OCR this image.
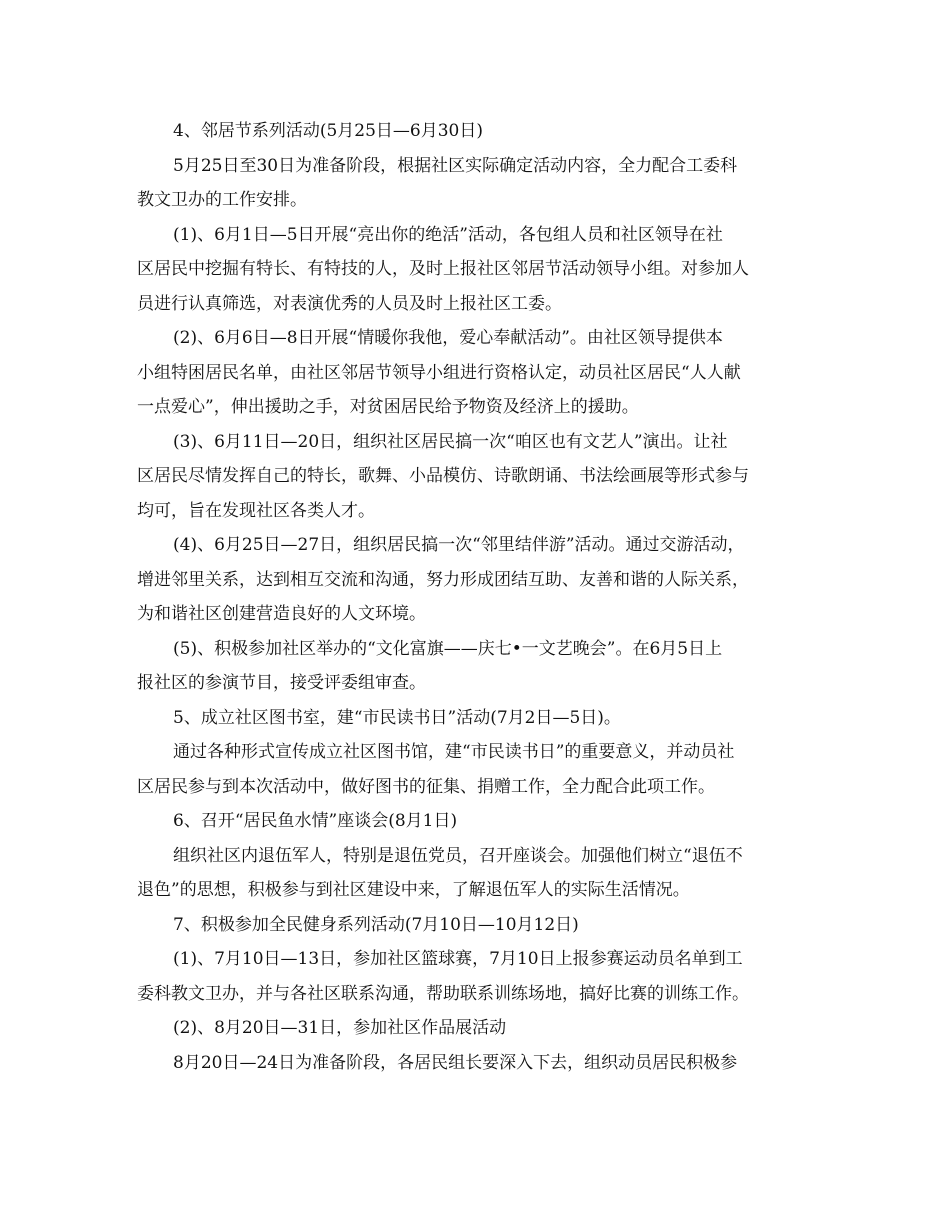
4、邻居节系列活动(5月25日—6月30日)
5月25日至30日为准备阶段，根据社区实际确定活动内容，全力配合工委科
教文卫办的工作安排。
(1)、6月1日—5日开展“亮出你的绝活”活动，各包组人员和社区领导在社
区居民中挖掘有特长、有特技的人，及时上报社区邻居节活动领导小组。对参加人
员进行认真筛选，对表演优秀的人员及时上报社区工委。
(2)、6月6日—8日开展“情暖你我他，爱心奉献活动”。由社区领导提供本
小组特困居民名单，由社区邻居节领导小组进行资格认定，动员社区居民“人人献
一点爱心”，伸出援助之手，对贫困居民给予物资及经济上的援助。
(3)、6月11日—20日，组织社区居民搞一次“咱区也有文艺人”演出。让社
区居民尽情发挥自己的特长，歌舞、小品模仿、诗歌朗诵、书法绘画展等形式参与
均可，旨在发现社区各类人才。
(4)、6月25日—27日，组织居民搞一次“邻里结伴游”活动。通过交游活动，
增进邻里关系，达到相互交流和沟通，努力形成团结互助、友善和谐的人际关系，
为和谐社区创建营造良好的人文环境。
(5)、积极参加社区举办的“文化富旗——庆七•一文艺晚会”。在6月5日上
报社区的参演节目，接受评委组审查。
5、成立社区图书室，建“市民读书日”活动(7月2日—5日)。
通过各种形式宣传成立社区图书馆，建“市民读书日”的重要意义，并动员社
区居民参与到本次活动中，做好图书的征集、捐赠工作，全力配合此项工作。
6、召开“居民鱼水情”座谈会(8月1日)
组织社区内退伍军人，特别是退伍党员，召开座谈会。加强他们树立“退伍不
退色”的思想，积极参与到社区建设中来，了解退伍军人的实际生活情况。
7、积极参加全民健身系列活动(7月10日—10月12日)
(1)、7月10日—13日，参加社区篮球赛，7月10日上报参赛运动员名单到工
委科教文卫办，并与各社区联系沟通，帮助联系训练场地，搞好比赛的训练工作。
(2)、8月20日—31日，参加社区作品展活动
8月20日—24日为准备阶段，各居民组长要深入下去，组织动员居民积极参
